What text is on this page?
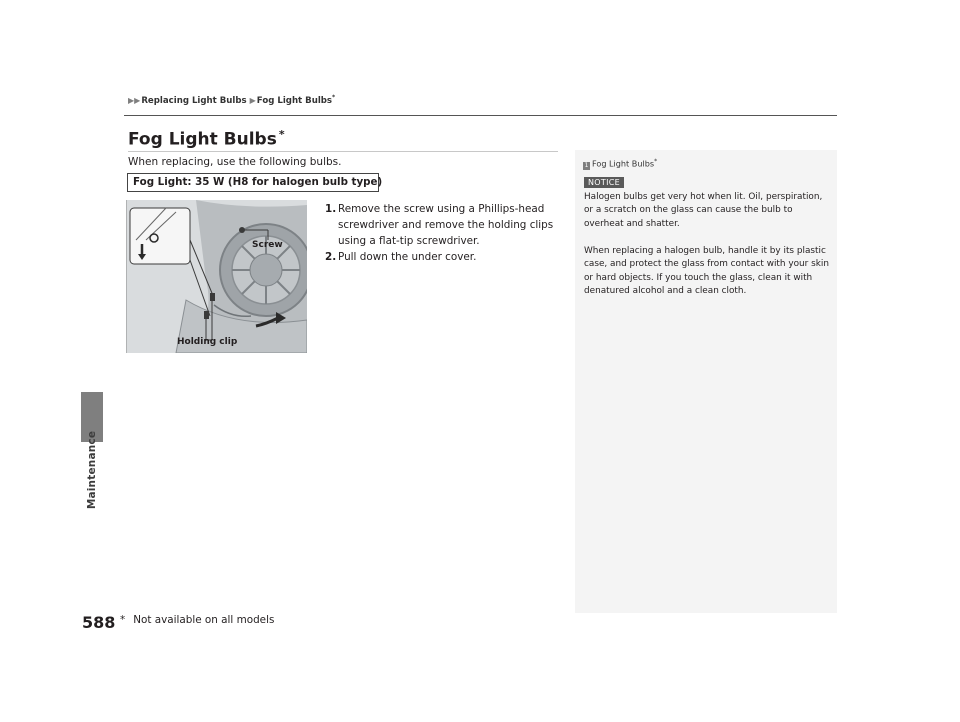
Maintenance
588
▶▶Replacing Light Bulbs ▶Fog Light Bulbs*
Fog Light Bulbs *
When replacing, use the following bulbs.
Fog Light: 35 W (H8 for halogen bulb type)
Screw
Holding clip
1. Remove the screw using a Phillips-head screwdriver and remove the holding clips using a flat-tip screwdriver.
2. Pull down the under cover.
1 Fog Light Bulbs*
NOTICE
Halogen bulbs get very hot when lit. Oil, perspiration, or a scratch on the glass can cause the bulb to overheat and shatter.
When replacing a halogen bulb, handle it by its plastic case, and protect the glass from contact with your skin or hard objects. If you touch the glass, clean it with denatured alcohol and a clean cloth.
* Not available on all models
